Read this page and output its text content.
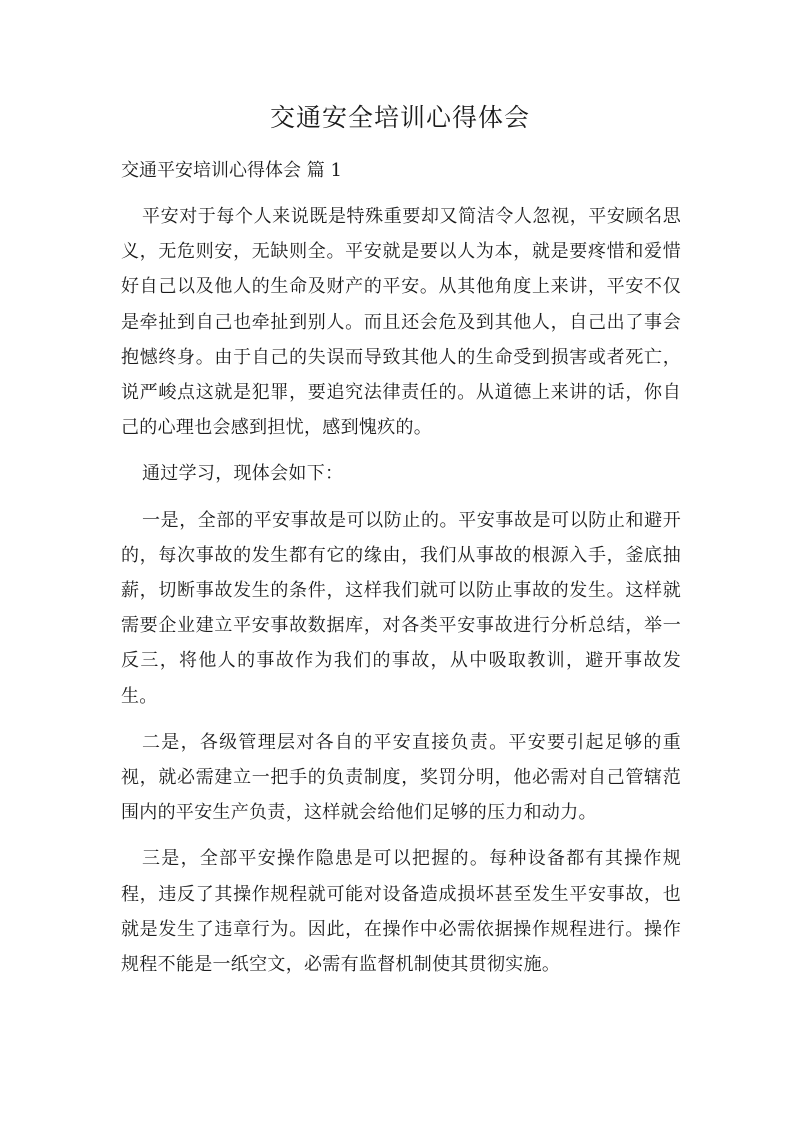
交通安全培训心得体会
交通平安培训心得体会 篇 1

平安对于每个人来说既是特殊重要却又简洁令人忽视，平安顾名思义，无危则安，无缺则全。平安就是要以人为本，就是要疼惜和爱惜好自己以及他人的生命及财产的平安。从其他角度上来讲，平安不仅是牵扯到自己也牵扯到别人。而且还会危及到其他人，自己出了事会抱憾终身。由于自己的失误而导致其他人的生命受到损害或者死亡，说严峻点这就是犯罪，要追究法律责任的。从道德上来讲的话，你自己的心理也会感到担忧，感到愧疚的。

通过学习，现体会如下：

一是，全部的平安事故是可以防止的。平安事故是可以防止和避开的，每次事故的发生都有它的缘由，我们从事故的根源入手，釜底抽薪，切断事故发生的条件，这样我们就可以防止事故的发生。这样就需要企业建立平安事故数据库，对各类平安事故进行分析总结，举一反三，将他人的事故作为我们的事故，从中吸取教训，避开事故发生。

二是，各级管理层对各自的平安直接负责。平安要引起足够的重视，就必需建立一把手的负责制度，奖罚分明，他必需对自己管辖范围内的平安生产负责，这样就会给他们足够的压力和动力。

三是，全部平安操作隐患是可以把握的。每种设备都有其操作规程，违反了其操作规程就可能对设备造成损坏甚至发生平安事故，也就是发生了违章行为。因此，在操作中必需依据操作规程进行。操作规程不能是一纸空文，必需有监督机制使其贯彻实施。
